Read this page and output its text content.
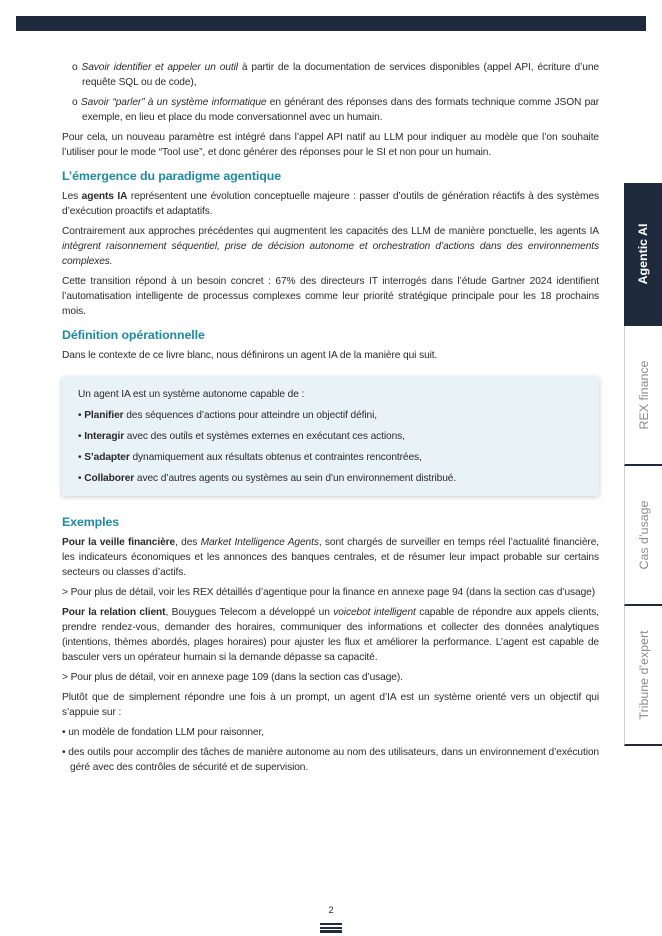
o Savoir identifier et appeler un outil à partir de la documentation de services disponibles (appel API, écriture d’une requête SQL ou de code),

o Savoir “parler” à un système informatique en générant des réponses dans des formats technique comme JSON par exemple, en lieu et place du mode conversationnel avec un humain.

Pour cela, un nouveau paramètre est intégré dans l’appel API natif au LLM pour indiquer au modèle que l’on souhaite l’utiliser pour le mode “Tool use”, et donc générer des réponses pour le SI et non pour un humain.

L’émergence du paradigme agentique

Les agents IA représentent une évolution conceptuelle majeure : passer d’outils de génération réactifs à des systèmes d’exécution proactifs et adaptatifs.

Contrairement aux approches précédentes qui augmentent les capacités des LLM de manière ponctuelle, les agents IA intègrent raisonnement séquentiel, prise de décision autonome et orchestration d’actions dans des environnements complexes.

Cette transition répond à un besoin concret : 67% des directeurs IT interrogés dans l’étude Gartner 2024 identifient l’automatisation intelligente de processus complexes comme leur priorité stratégique principale pour les 18 prochains mois.

Définition opérationnelle

Dans le contexte de ce livre blanc, nous définirons un agent IA de la manière qui suit.

Un agent IA est un système autonome capable de :

• Planifier des séquences d’actions pour atteindre un objectif défini,

• Interagir avec des outils et systèmes externes en exécutant ces actions,

• S’adapter dynamiquement aux résultats obtenus et contraintes rencontrées,

• Collaborer avec d’autres agents ou systèmes au sein d’un environnement distribué.

Exemples

Pour la veille financière, des Market Intelligence Agents, sont chargés de surveiller en temps réel l’actualité financière, les indicateurs économiques et les annonces des banques centrales, et de résumer leur impact probable sur certains secteurs ou classes d’actifs.

> Pour plus de détail, voir les REX détaillés d’agentique pour la finance en annexe page 94 (dans la section cas d’usage)

Pour la relation client, Bouygues Telecom a développé un voicebot intelligent capable de répondre aux appels clients, prendre rendez-vous, demander des horaires, communiquer des informations et collecter des données analytiques (intentions, thèmes abordés, plages horaires) pour ajuster les flux et améliorer la performance. L’agent est capable de basculer vers un opérateur humain si la demande dépasse sa capacité.

> Pour plus de détail, voir en annexe page 109 (dans la section cas d’usage).

Plutôt que de simplement répondre une fois à un prompt, un agent d’IA est un système orienté vers un objectif qui s’appuie sur :

• un modèle de fondation LLM pour raisonner,

• des outils pour accomplir des tâches de manière autonome au nom des utilisateurs, dans un environnement d’exécution géré avec des contrôles de sécurité et de supervision.

Agentic AI
REX finance
Cas d’usage
Tribune d’expert
2
